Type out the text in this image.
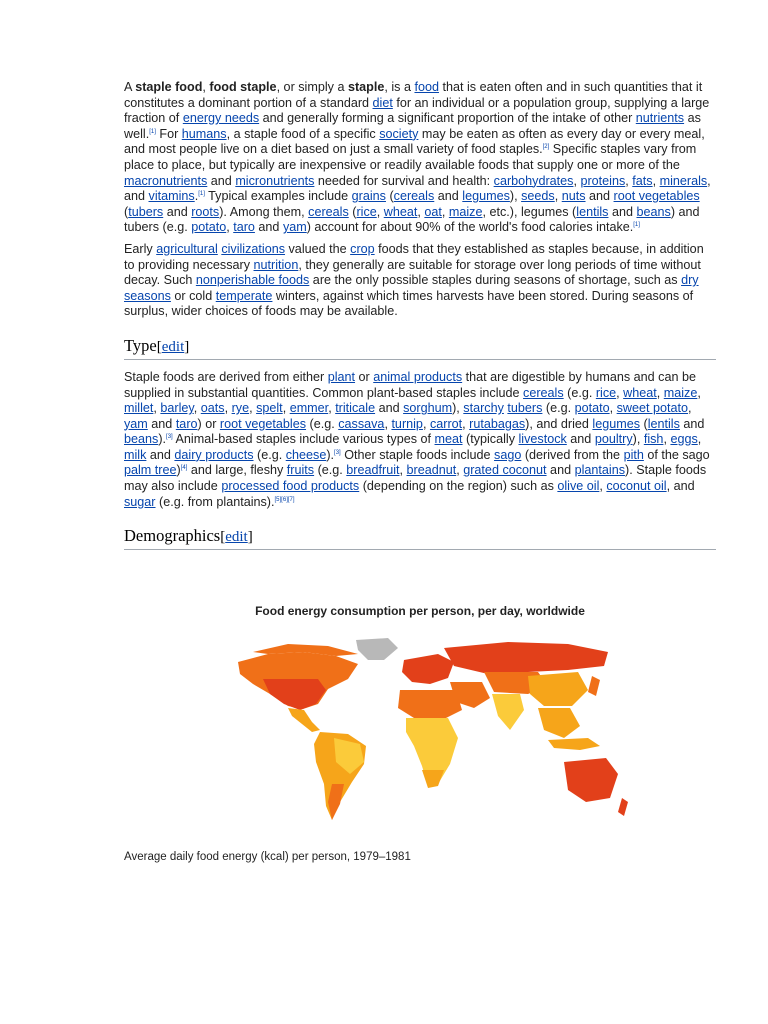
A staple food, food staple, or simply a staple, is a food that is eaten often and in such quantities that it constitutes a dominant portion of a standard diet for an individual or a population group, supplying a large fraction of energy needs and generally forming a significant proportion of the intake of other nutrients as well.[1] For humans, a staple food of a specific society may be eaten as often as every day or every meal, and most people live on a diet based on just a small variety of food staples.[2] Specific staples vary from place to place, but typically are inexpensive or readily available foods that supply one or more of the macronutrients and micronutrients needed for survival and health: carbohydrates, proteins, fats, minerals, and vitamins.[1] Typical examples include grains (cereals and legumes), seeds, nuts and root vegetables (tubers and roots). Among them, cereals (rice, wheat, oat, maize, etc.), legumes (lentils and beans) and tubers (e.g. potato, taro and yam) account for about 90% of the world's food calories intake.[1]

Early agricultural civilizations valued the crop foods that they established as staples because, in addition to providing necessary nutrition, they generally are suitable for storage over long periods of time without decay. Such nonperishable foods are the only possible staples during seasons of shortage, such as dry seasons or cold temperate winters, against which times harvests have been stored. During seasons of surplus, wider choices of foods may be available.

Type[edit]

Staple foods are derived from either plant or animal products that are digestible by humans and can be supplied in substantial quantities. Common plant-based staples include cereals (e.g. rice, wheat, maize, millet, barley, oats, rye, spelt, emmer, triticale and sorghum), starchy tubers (e.g. potato, sweet potato, yam and taro) or root vegetables (e.g. cassava, turnip, carrot, rutabagas), and dried legumes (lentils and beans).[3] Animal-based staples include various types of meat (typically livestock and poultry), fish, eggs, milk and dairy products (e.g. cheese).[3] Other staple foods include sago (derived from the pith of the sago palm tree)[4] and large, fleshy fruits (e.g. breadfruit, breadnut, grated coconut and plantains). Staple foods may also include processed food products (depending on the region) such as olive oil, coconut oil, and sugar (e.g. from plantains).[5][6][7]

Demographics[edit]

Food energy consumption per person, per day, worldwide

Average daily food energy (kcal) per person, 1979–1981
